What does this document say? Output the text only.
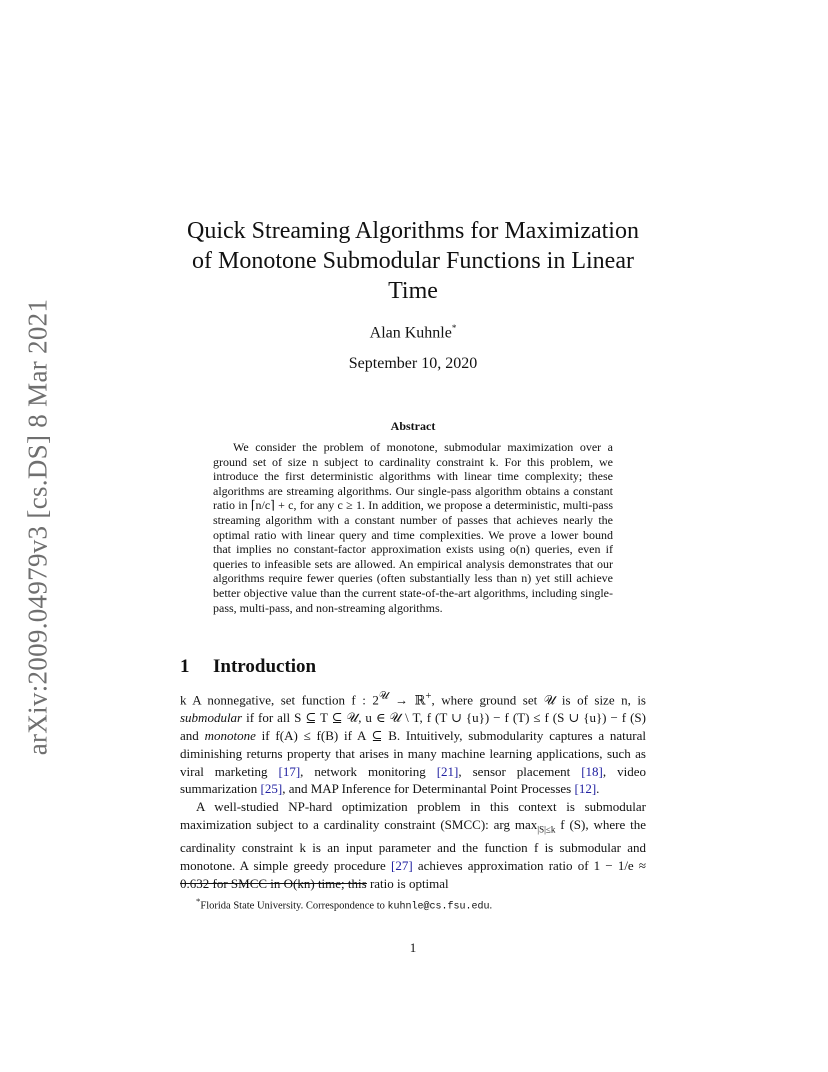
arXiv:2009.04979v3 [cs.DS] 8 Mar 2021
Quick Streaming Algorithms for Maximization
of Monotone Submodular Functions in Linear
Time
Alan Kuhnle*
September 10, 2020
Abstract
We consider the problem of monotone, submodular maximization over a ground set of size n subject to cardinality constraint k. For this problem, we introduce the first deterministic algorithms with linear time complexity; these algorithms are streaming algorithms. Our single-pass algorithm obtains a constant ratio in ⌈n/c⌉ + c, for any c ≥ 1. In addition, we propose a deterministic, multi-pass streaming algorithm with a constant number of passes that achieves nearly the optimal ratio with linear query and time complexities. We prove a lower bound that implies no constant-factor approximation exists using o(n) queries, even if queries to infeasible sets are allowed. An empirical analysis demonstrates that our algorithms require fewer queries (often substantially less than n) yet still achieve better objective value than the current state-of-the-art algorithms, including single-pass, multi-pass, and non-streaming algorithms.
1 Introduction

k A nonnegative, set function f : $2^𝒰$ → ℝ+, where ground set 𝒰 is of size n, is submodular if for all S ⊆ T ⊆ 𝒰, u ∈ 𝒰 \ T, f (T ∪ {u}) − f (T) ≤ f (S ∪ {u}) − f (S) and monotone if f(A) ≤ f(B) if A ⊆ B. Intuitively, submodularity captures a natural diminishing returns property that arises in many machine learning applications, such as viral marketing [17], network monitoring [21], sensor placement [18], video summarization [25], and MAP Inference for Determinantal Point Processes [12].

A well-studied NP-hard optimization problem in this context is submodular maximization subject to a cardinality constraint (SMCC): arg $\max_{|S|\le k} f$ (S), where the cardinality constraint k is an input parameter and the function f is submodular and monotone. A simple greedy procedure [27] achieves approximation ratio of 1 − 1/e ≈ 0.632 for SMCC in O(kn) time; this ratio is optimal

*Florida State University. Correspondence to kuhnle@cs.fsu.edu.
1
